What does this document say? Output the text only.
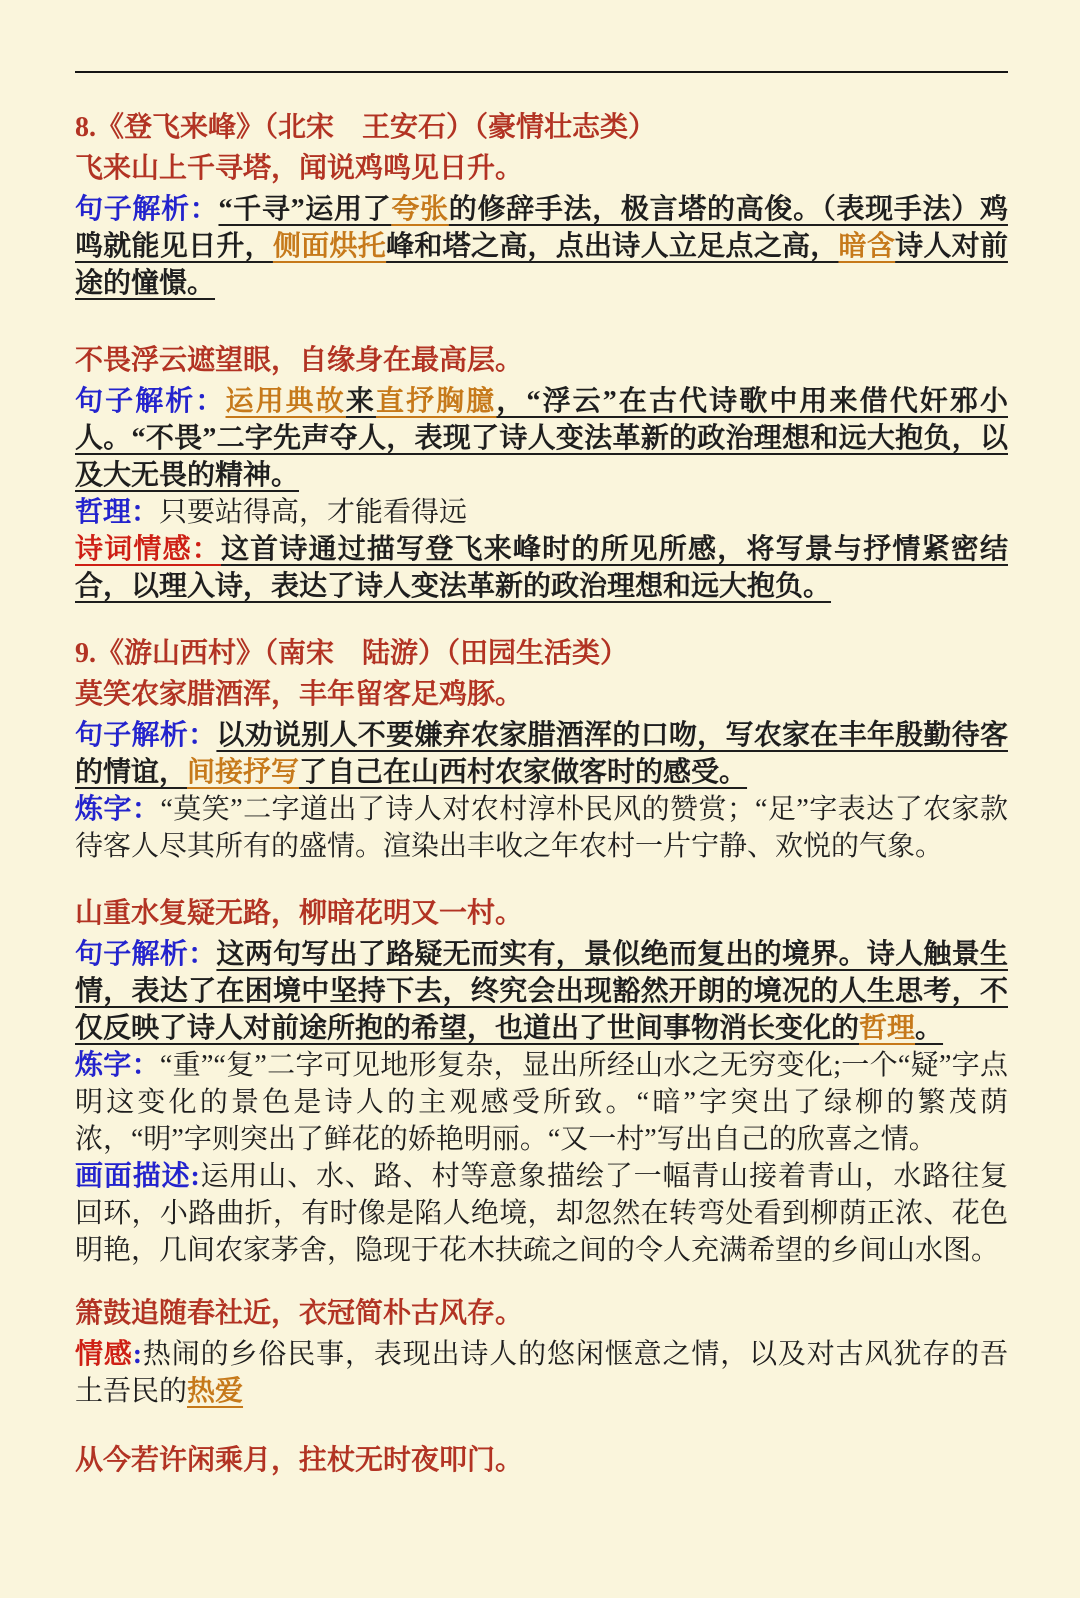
8.《登飞来峰》（北宋　王安石）（豪情壮志类）

飞来山上千寻塔，闻说鸡鸣见日升。

句子解析：“千寻”运用了夸张的修辞手法，极言塔的高俊。（表现手法）鸡鸣就能见日升，侧面烘托峰和塔之高，点出诗人立足点之高，暗含诗人对前途的憧憬。

不畏浮云遮望眼，自缘身在最高层。

句子解析：运用典故来直抒胸臆，“浮云”在古代诗歌中用来借代奸邪小人。“不畏”二字先声夺人，表现了诗人变法革新的政治理想和远大抱负，以及大无畏的精神。

哲理：只要站得高，才能看得远

诗词情感：这首诗通过描写登飞来峰时的所见所感，将写景与抒情紧密结合，以理入诗，表达了诗人变法革新的政治理想和远大抱负。

9.《游山西村》（南宋　陆游）（田园生活类）

莫笑农家腊酒浑，丰年留客足鸡豚。

句子解析：以劝说别人不要嫌弃农家腊酒浑的口吻，写农家在丰年殷勤待客的情谊，间接抒写了自己在山西村农家做客时的感受。

炼字：“莫笑”二字道出了诗人对农村淳朴民风的赞赏；“足”字表达了农家款待客人尽其所有的盛情。渲染出丰收之年农村一片宁静、欢悦的气象。

山重水复疑无路，柳暗花明又一村。

句子解析：这两句写出了路疑无而实有，景似绝而复出的境界。诗人触景生情，表达了在困境中坚持下去，终究会出现豁然开朗的境况的人生思考，不仅反映了诗人对前途所抱的希望，也道出了世间事物消长变化的哲理。

炼字：“重”“复”二字可见地形复杂，显出所经山水之无穷变化;一个“疑”字点明这变化的景色是诗人的主观感受所致。“暗”字突出了绿柳的繁茂荫浓，“明”字则突出了鲜花的娇艳明丽。“又一村”写出自己的欣喜之情。

画面描述:运用山、水、路、村等意象描绘了一幅青山接着青山，水路往复回环，小路曲折，有时像是陷人绝境，却忽然在转弯处看到柳荫正浓、花色明艳，几间农家茅舍，隐现于花木扶疏之间的令人充满希望的乡间山水图。

箫鼓追随春社近，衣冠简朴古风存。

情感:热闹的乡俗民事，表现出诗人的悠闲惬意之情，以及对古风犹存的吾土吾民的热爱

从今若许闲乘月，拄杖无时夜叩门。
